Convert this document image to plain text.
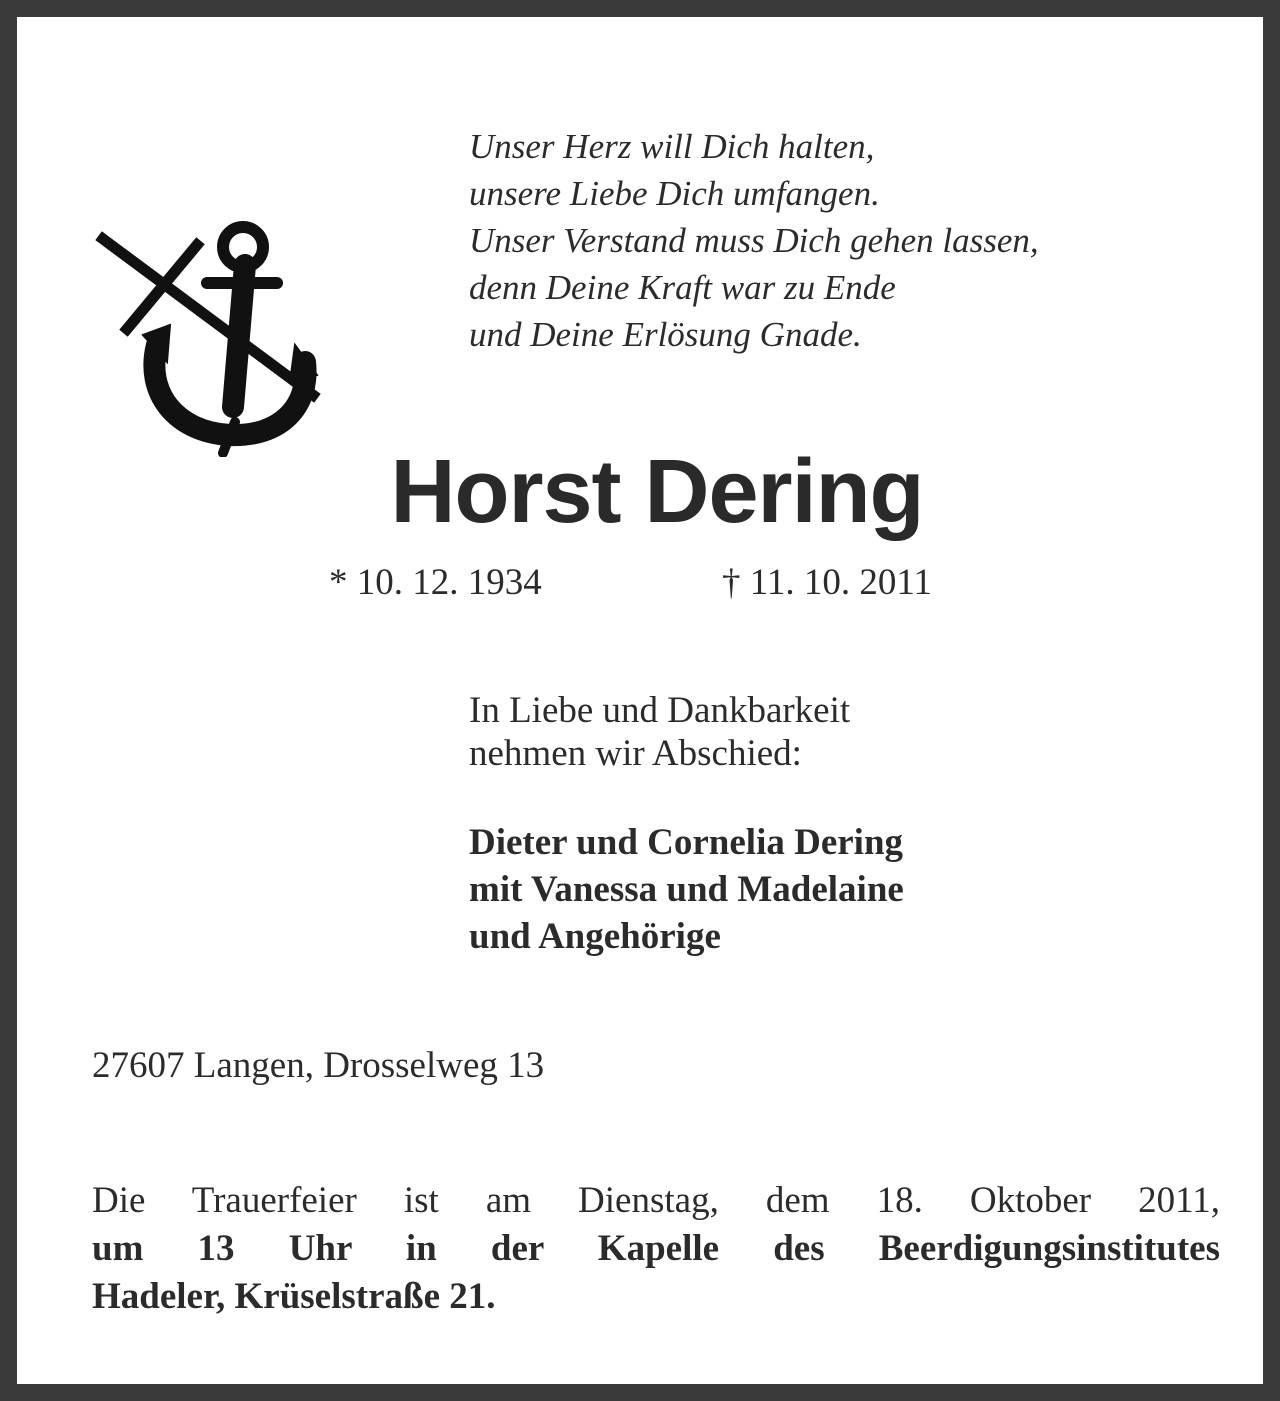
Unser Herz will Dich halten,
unsere Liebe Dich umfangen.
Unser Verstand muss Dich gehen lassen,
denn Deine Kraft war zu Ende
und Deine Erlösung Gnade.
Horst Dering
* 10. 12. 1934	† 11. 10. 2011
In Liebe und Dankbarkeit
nehmen wir Abschied:
Dieter und Cornelia Dering
mit Vanessa und Madelaine
und Angehörige
27607 Langen, Drosselweg 13
Die Trauerfeier ist am Dienstag, dem 18. Oktober 2011,
um 13 Uhr in der Kapelle des Beerdigungsinstitutes
Hadeler, Krüselstraße 21.
